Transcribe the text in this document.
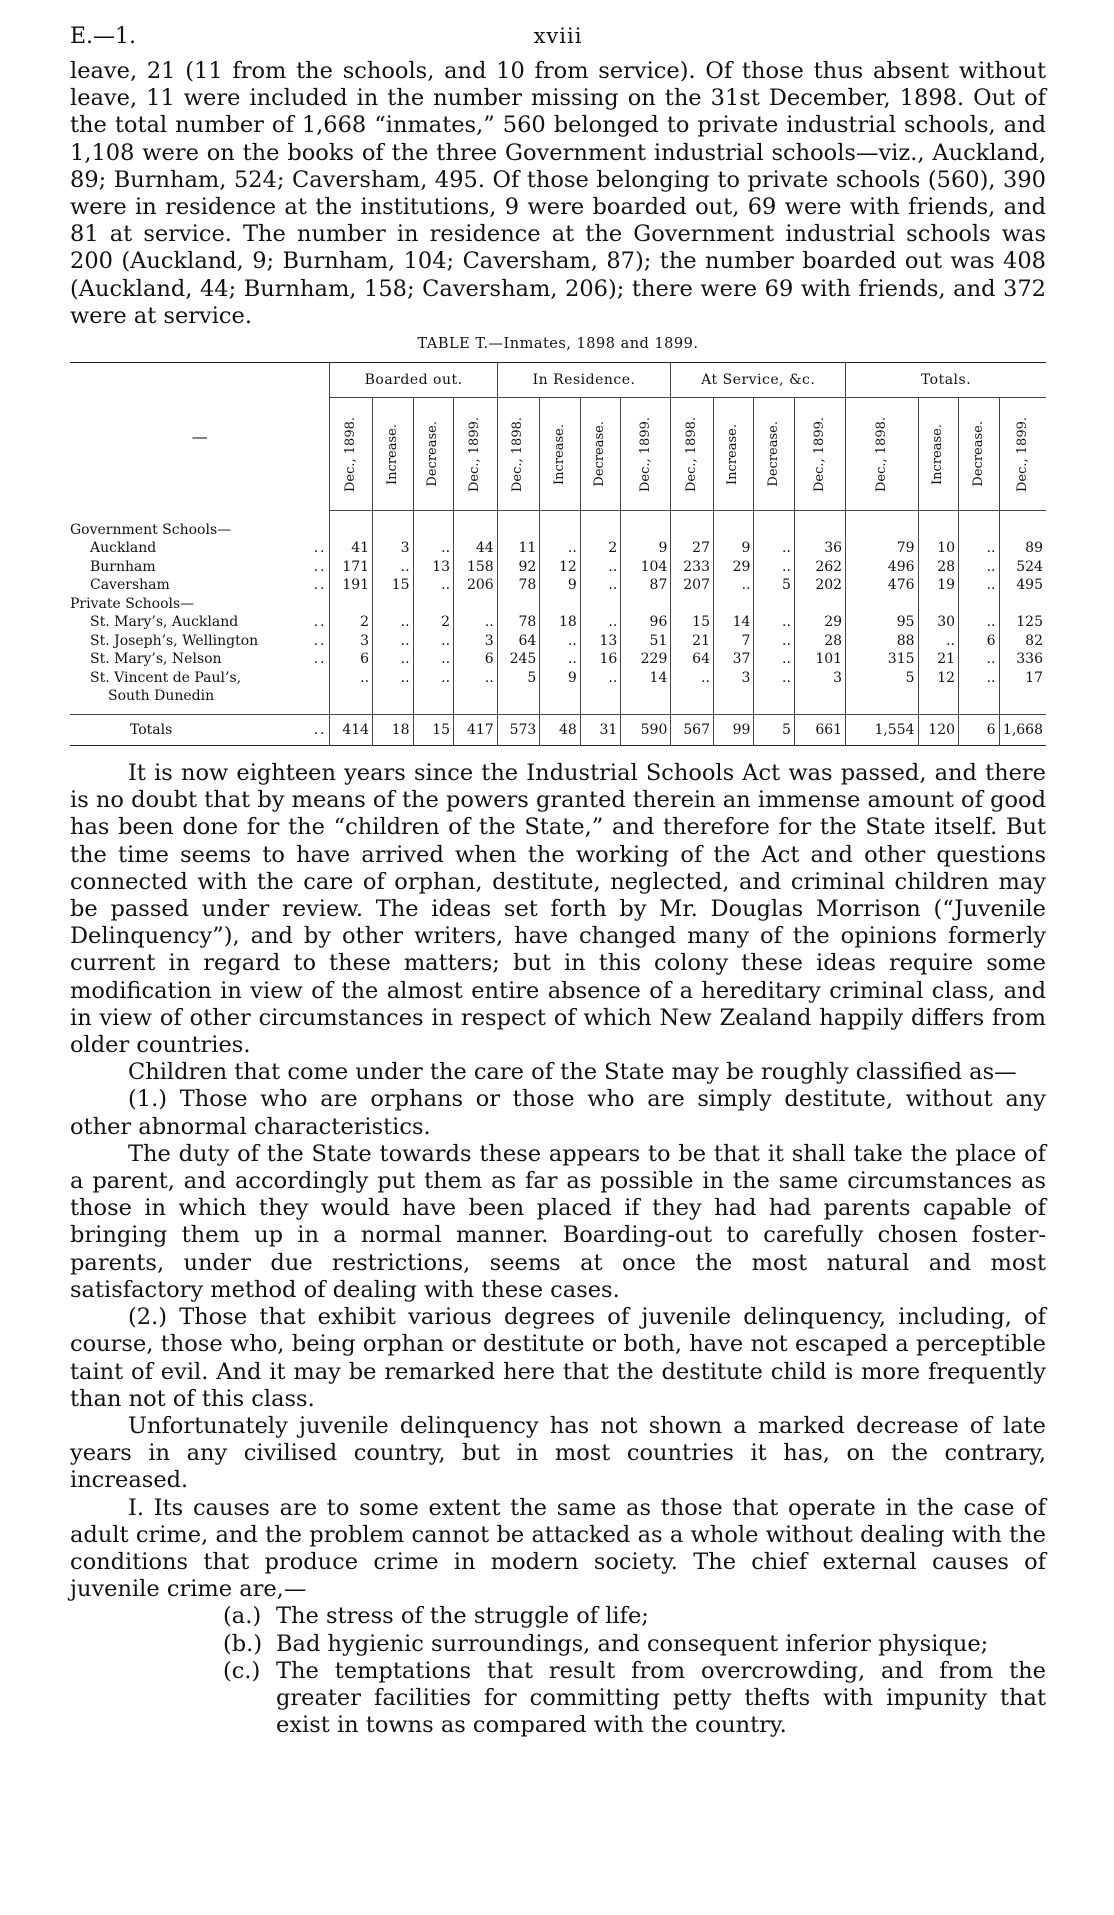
E.—1.	xviii

leave, 21 (11 from the schools, and 10 from service). Of those thus absent without leave, 11 were included in the number missing on the 31st December, 1898. Out of the total number of 1,668 “inmates,” 560 belonged to private industrial schools, and 1,108 were on the books of the three Government industrial schools—viz., Auckland, 89; Burnham, 524; Caversham, 495. Of those belonging to private schools (560), 390 were in residence at the institutions, 9 were boarded out, 69 were with friends, and 81 at service. The number in residence at the Government industrial schools was 200 (Auckland, 9; Burnham, 104; Caversham, 87); the number boarded out was 408 (Auckland, 44; Burnham, 158; Caversham, 206); there were 69 with friends, and 372 were at service.

TABLE T.—Inmates, 1898 and 1899.
—	Boarded out.				In Residence.				At Service, &c.				Totals.			

	Dec., 1898.	Increase.	Decrease.	Dec., 1899.	Dec., 1898.	Increase.	Decrease.	Dec., 1899.	Dec., 1898.	Increase.	Decrease.	Dec., 1899.	Dec., 1898.	Increase.	Decrease.	Dec., 1899.

Government Schools—																
Auckland ..	41	3	..	44	11	..	2	9	27	9	..	36	79	10	..	89
Burnham ..	171	..	13	158	92	12	..	104	233	29	..	262	496	28	..	524
Caversham ..	191	15	..	206	78	9	..	87	207	..	5	202	476	19	..	495
Private Schools—																
St. Mary’s, Auckland ..	2	..	2	..	78	18	..	96	15	14	..	29	95	30	..	125
St. Joseph’s, Wellington ..	3	..	..	3	64	..	13	51	21	7	..	28	88	..	6	82
St. Mary’s, Nelson ..	6	..	..	6	245	..	16	229	64	37	..	101	315	21	..	336
St. Vincent de Paul’s,
South Dunedin	..	..	..	..	5	9	..	14	..	3	..	3	5	12	..	17

Totals ..	414	18	15	417	573	48	31	590	567	99	5	661	1,554	120	6	1,668

It is now eighteen years since the Industrial Schools Act was passed, and there is no doubt that by means of the powers granted therein an immense amount of good has been done for the “children of the State,” and therefore for the State itself. But the time seems to have arrived when the working of the Act and other questions connected with the care of orphan, destitute, neglected, and criminal children may be passed under review. The ideas set forth by Mr. Douglas Morrison (“Juvenile Delinquency”), and by other writers, have changed many of the opinions formerly current in regard to these matters; but in this colony these ideas require some modification in view of the almost entire absence of a hereditary criminal class, and in view of other circumstances in respect of which New Zealand happily differs from older countries.

Children that come under the care of the State may be roughly classified as—

(1.) Those who are orphans or those who are simply destitute, without any other abnormal characteristics.

The duty of the State towards these appears to be that it shall take the place of a parent, and accordingly put them as far as possible in the same circumstances as those in which they would have been placed if they had had parents capable of bringing them up in a normal manner. Boarding-out to carefully chosen foster-parents, under due restrictions, seems at once the most natural and most satisfactory method of dealing with these cases.

(2.) Those that exhibit various degrees of juvenile delinquency, including, of course, those who, being orphan or destitute or both, have not escaped a perceptible taint of evil. And it may be remarked here that the destitute child is more frequently than not of this class.

Unfortunately juvenile delinquency has not shown a marked decrease of late years in any civilised country, but in most countries it has, on the contrary, increased.

I. Its causes are to some extent the same as those that operate in the case of adult crime, and the problem cannot be attacked as a whole without dealing with the conditions that produce crime in modern society. The chief external causes of juvenile crime are,—

(a.) The stress of the struggle of life;
(b.) Bad hygienic surroundings, and consequent inferior physique;
(c.) The temptations that result from overcrowding, and from the greater facilities for committing petty thefts with impunity that exist in towns as compared with the country.
